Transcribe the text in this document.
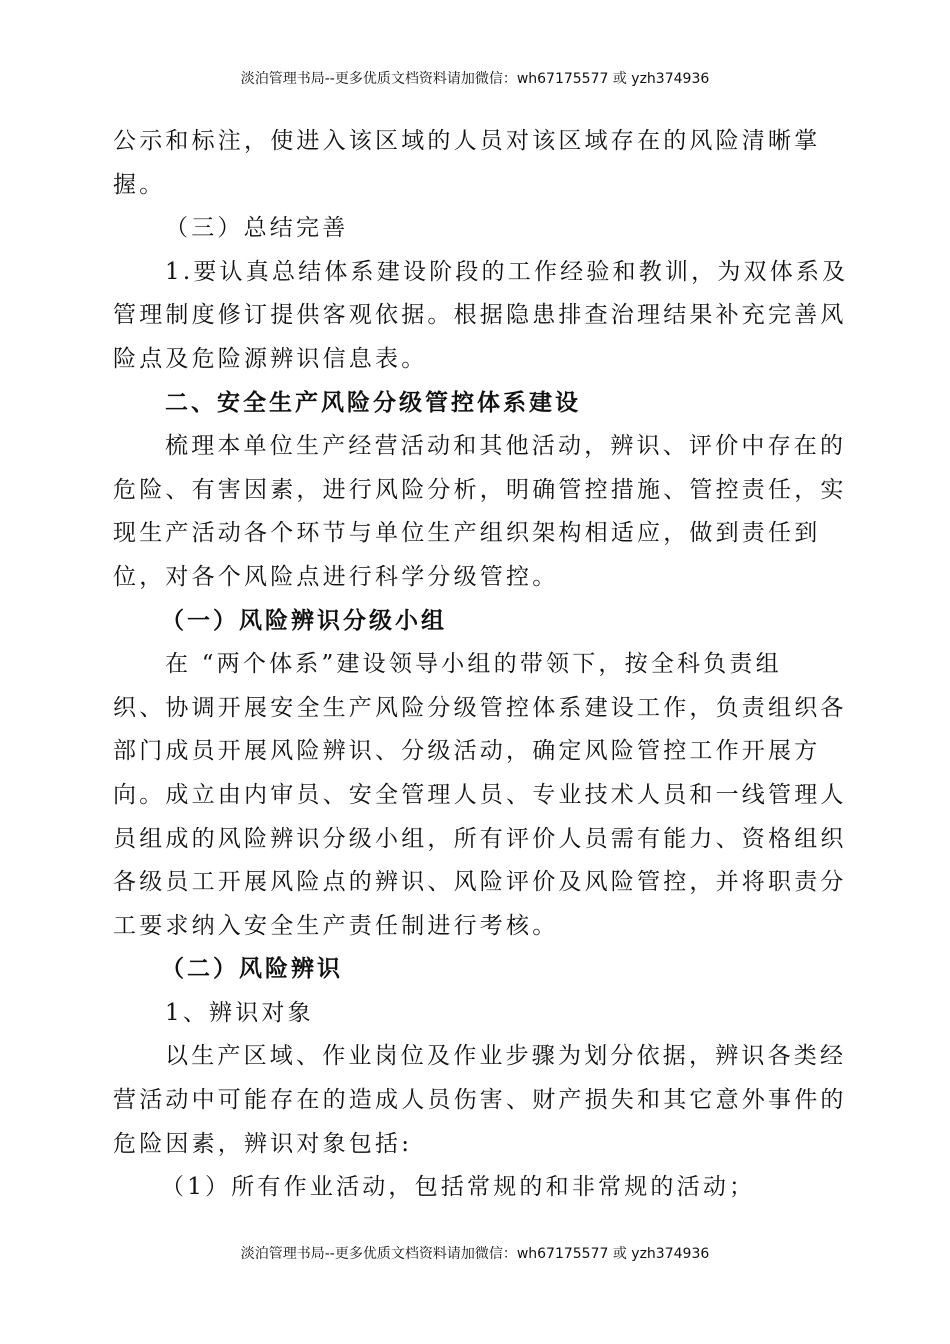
淡泊管理书局--更多优质文档资料请加微信：wh67175577 或 yzh374936
公示和标注，使进入该区域的人员对该区域存在的风险清晰掌
握。
（三）总结完善
1.要认真总结体系建设阶段的工作经验和教训，为双体系及
管理制度修订提供客观依据。根据隐患排查治理结果补充完善风
险点及危险源辨识信息表。
二、安全生产风险分级管控体系建设
梳理本单位生产经营活动和其他活动，辨识、评价中存在的
危险、有害因素，进行风险分析，明确管控措施、管控责任，实
现生产活动各个环节与单位生产组织架构相适应，做到责任到
位，对各个风险点进行科学分级管控。
（一）风险辨识分级小组
在 “两个体系”建设领导小组的带领下，按全科负责组
织、协调开展安全生产风险分级管控体系建设工作，负责组织各
部门成员开展风险辨识、分级活动，确定风险管控工作开展方
向。成立由内审员、安全管理人员、专业技术人员和一线管理人
员组成的风险辨识分级小组，所有评价人员需有能力、资格组织
各级员工开展风险点的辨识、风险评价及风险管控，并将职责分
工要求纳入安全生产责任制进行考核。
（二）风险辨识
1、辨识对象
以生产区域、作业岗位及作业步骤为划分依据，辨识各类经
营活动中可能存在的造成人员伤害、财产损失和其它意外事件的
危险因素，辨识对象包括:
（1）所有作业活动，包括常规的和非常规的活动；
淡泊管理书局--更多优质文档资料请加微信：wh67175577 或 yzh374936
